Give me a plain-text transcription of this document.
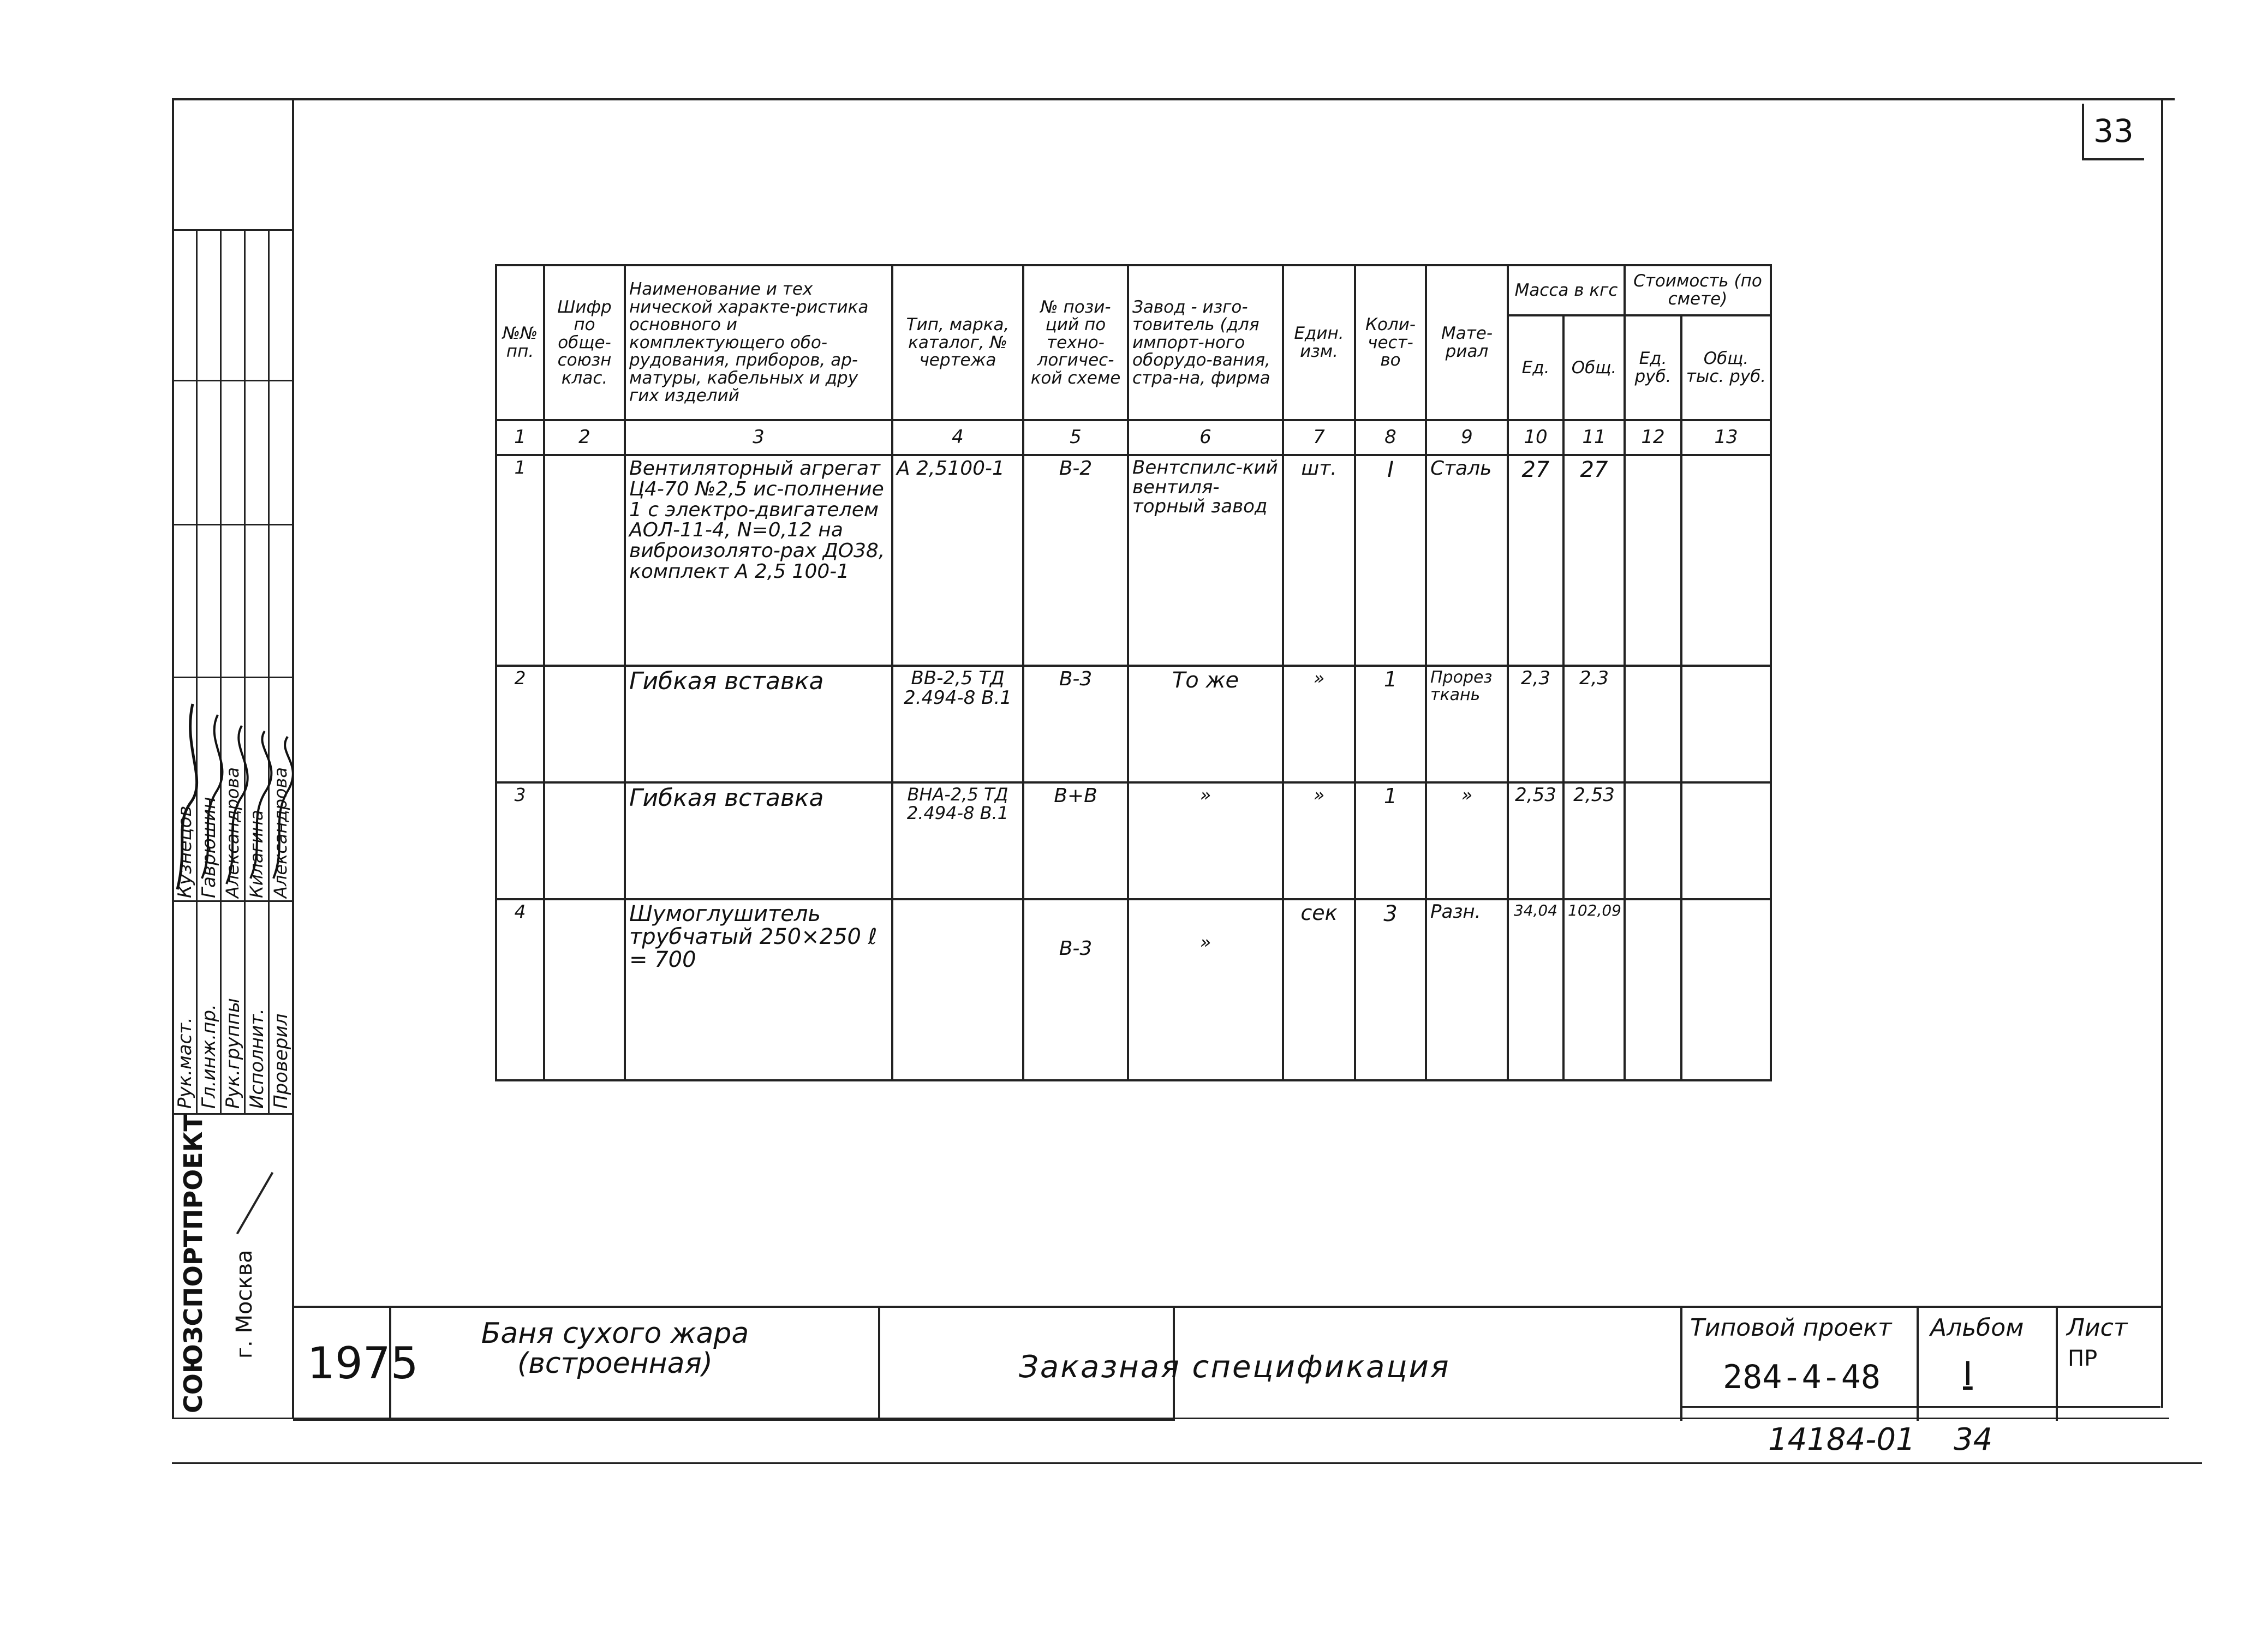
33
№№ пп.	Шифр по обще-союзн клас.	Наименование и тех нической характе-ристика основного и комплектующего обо-рудования, приборов, ар-матуры, кабельных и дру гих изделий	Тип, марка, каталог, № чертежа	№ пози-ций по техно-логичес-кой схеме	Завод - изго-товитель (для импорт-ного оборудо-вания, стра-на, фирма	Един. изм.	Коли-чест-во	Мате-риал	Масса в кгс		Стоимость (по смете)	
									Ед.	Общ.	Ед. руб.	Общ. тыс. руб.
1	2	3	4	5	6	7	8	9	10	11	12	13
1		Вентиляторный агрегат Ц4-70 №2,5 ис-полнение 1 с электро-двигателем АОЛ-11-4, N=0,12 на виброизолято-рах ДО38, комплект А 2,5 100-1	А 2,5100-1	В-2	Вентспилс-кий вентиля-торный завод	шт.	I	Сталь	27	27		
2		Гибкая вставка	ВВ-2,5 ТД 2.494-8 В.1	В-3	То же	»	1	Прорез ткань	2,3	2,3		
3		Гибкая вставка	ВНА-2,5 ТД 2.494-8 В.1	В+В	»	»	1	»	2,53	2,53		
4		Шумоглушитель трубчатый 250×250 ℓ = 700		В-3	»	сек	3	Разн.	34,04	102,09		
Рук.маст. Гл.инж.пр. Рук.группы Исполнит. Проверил
Кузнецов Гаврюшин Александрова Килагина Александрова
СОЮЗСПОРТПРОЕКТ г. Москва
1975
Баня сухого жара (встроенная)	Заказная спецификация
Типовой проект
284-4-48
Альбом
I
Лист
ПР
14184-01 34
